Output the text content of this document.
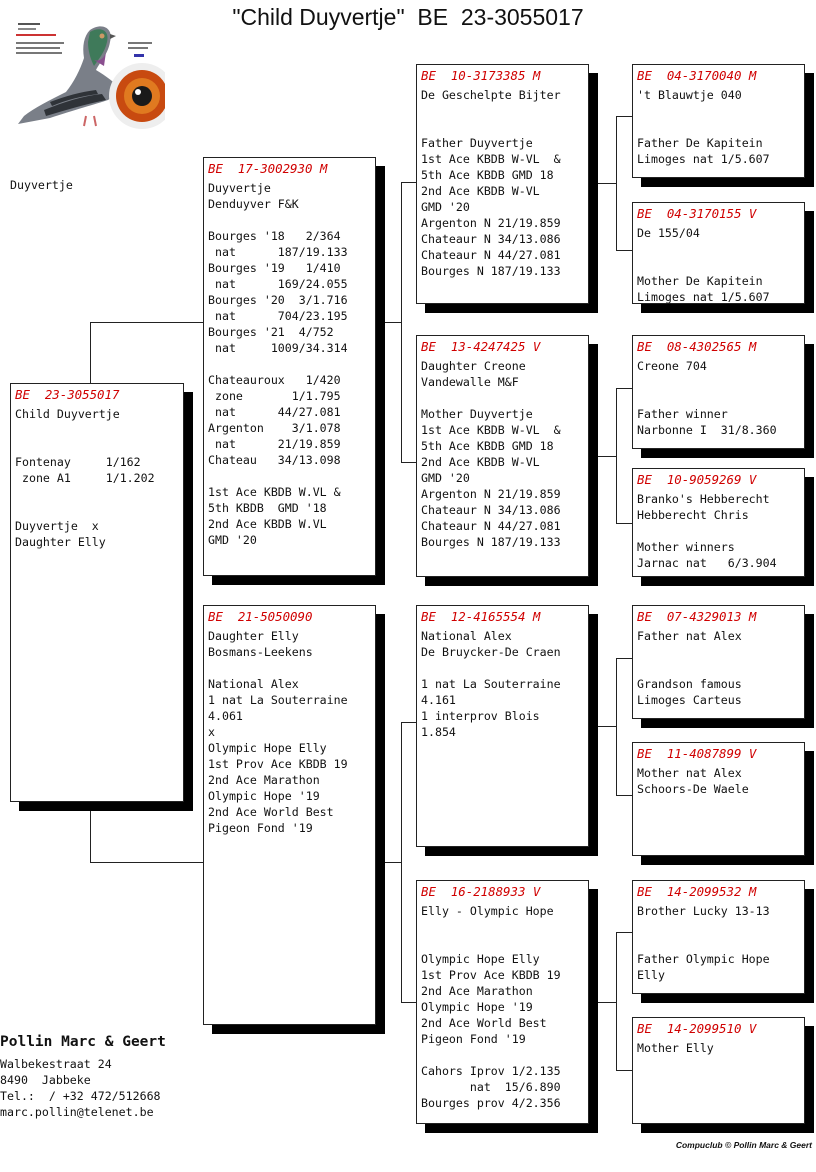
"Child Duyvertje"  BE  23-3055017
Duyvertje
BE  23-3055017
Child Duyvertje
Fontenay     1/162
zone A1     1/1.202
Duyvertje  x
Daughter Elly
BE  17-3002930 M
Duyvertje
Denduyver F&K
Bourges '18   2/364
nat      187/19.133
Bourges '19   1/410
nat      169/24.055
Bourges '20  3/1.716
nat      704/23.195
Bourges '21  4/752
nat     1009/34.314
Chateauroux   1/420
zone       1/1.795
nat      44/27.081
Argenton    3/1.078
nat      21/19.859
Chateau   34/13.098
1st Ace KBDB W.VL &
5th KBDB  GMD '18
2nd Ace KBDB W.VL
GMD '20
BE  21-5050090
Daughter Elly
Bosmans-Leekens
National Alex
1 nat La Souterraine
4.061
x
Olympic Hope Elly
1st Prov Ace KBDB 19
2nd Ace Marathon
Olympic Hope '19
2nd Ace World Best
Pigeon Fond '19
BE  10-3173385 M
De Geschelpte Bijter
Father Duyvertje
1st Ace KBDB W-VL  &
5th Ace KBDB GMD 18
2nd Ace KBDB W-VL
GMD '20
Argenton N 21/19.859
Chateaur N 34/13.086
Chateaur N 44/27.081
Bourges N 187/19.133
BE  13-4247425 V
Daughter Creone
Vandewalle M&F
Mother Duyvertje
1st Ace KBDB W-VL  &
5th Ace KBDB GMD 18
2nd Ace KBDB W-VL
GMD '20
Argenton N 21/19.859
Chateaur N 34/13.086
Chateaur N 44/27.081
Bourges N 187/19.133
BE  12-4165554 M
National Alex
De Bruycker-De Craen
1 nat La Souterraine
4.161
1 interprov Blois
1.854
BE  16-2188933 V
Elly - Olympic Hope
Olympic Hope Elly
1st Prov Ace KBDB 19
2nd Ace Marathon
Olympic Hope '19
2nd Ace World Best
Pigeon Fond '19
Cahors Iprov 1/2.135
nat  15/6.890
Bourges prov 4/2.356
BE  04-3170040 M
't Blauwtje 040
Father De Kapitein
Limoges nat 1/5.607
BE  04-3170155 V
De 155/04
Mother De Kapitein
Limoges nat 1/5.607
BE  08-4302565 M
Creone 704
Father winner
Narbonne I  31/8.360
BE  10-9059269 V
Branko's Hebberecht
Hebberecht Chris
Mother winners
Jarnac nat   6/3.904
BE  07-4329013 M
Father nat Alex
Grandson famous
Limoges Carteus
BE  11-4087899 V
Mother nat Alex
Schoors-De Waele
BE  14-2099532 M
Brother Lucky 13-13
Father Olympic Hope
Elly
BE  14-2099510 V
Mother Elly
Pollin Marc & Geert
Walbekestraat 24
8490  Jabbeke
Tel.:  / +32 472/512668
marc.pollin@telenet.be
Compuclub © Pollin Marc & Geert
